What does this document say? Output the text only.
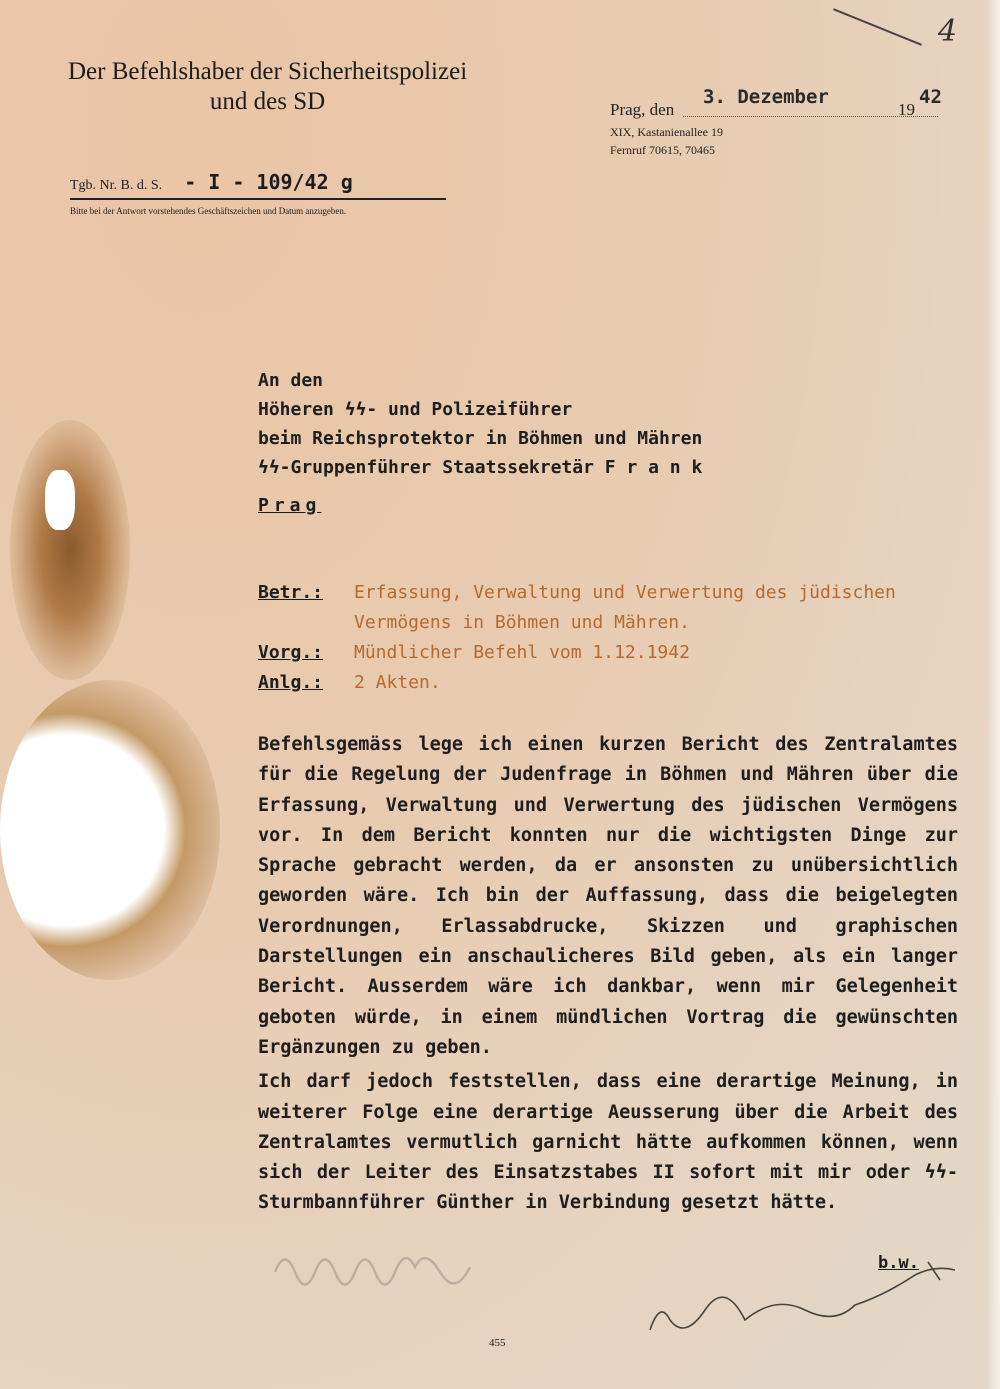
4
Der Befehlshaber der Sicherheitspolizei
und des SD	Prag, den
3. Dezember
19
42
XIX, Kastanienallee 19
Fernruf 70615, 70465
Tgb. Nr. B. d. S. - I - 109/42 g
Bitte bei der Antwort vorstehendes Geschäftszeichen und Datum anzugeben.
An den
Höheren ϟϟ- und Polizeiführer
beim Reichsprotektor in Böhmen und Mähren
ϟϟ-Gruppenführer Staatssekretär F r a n k
Prag
Betr.:	Erfassung, Verwaltung und Verwertung des jüdischen
Vermögens in Böhmen und Mähren.
Vorg.:	Mündlicher Befehl vom 1.12.1942
Anlg.:	2 Akten.

Befehlsgemäss lege ich einen kurzen Bericht des Zentralamtes für die Regelung der Judenfrage in Böhmen und Mähren über die Erfassung, Verwaltung und Verwertung des jüdischen Vermögens vor. In dem Bericht konnten nur die wichtigsten Dinge zur Sprache gebracht werden, da er ansonsten zu unübersichtlich geworden wäre. Ich bin der Auffassung, dass die beigelegten Verordnungen, Erlassabdrucke, Skizzen und graphischen Darstellungen ein anschaulicheres Bild geben, als ein langer Bericht. Ausserdem wäre ich dankbar, wenn mir Gelegenheit geboten würde, in einem mündlichen Vortrag die gewünschten Ergänzungen zu geben.

Ich darf jedoch feststellen, dass eine derartige Meinung, in weiterer Folge eine derartige Aeusserung über die Arbeit des Zentralamtes vermutlich garnicht hätte aufkommen können, wenn sich der Leiter des Einsatzstabes II sofort mit mir oder ϟϟ-Sturmbannführer Günther in Verbindung gesetzt hätte.

b.w.
455
